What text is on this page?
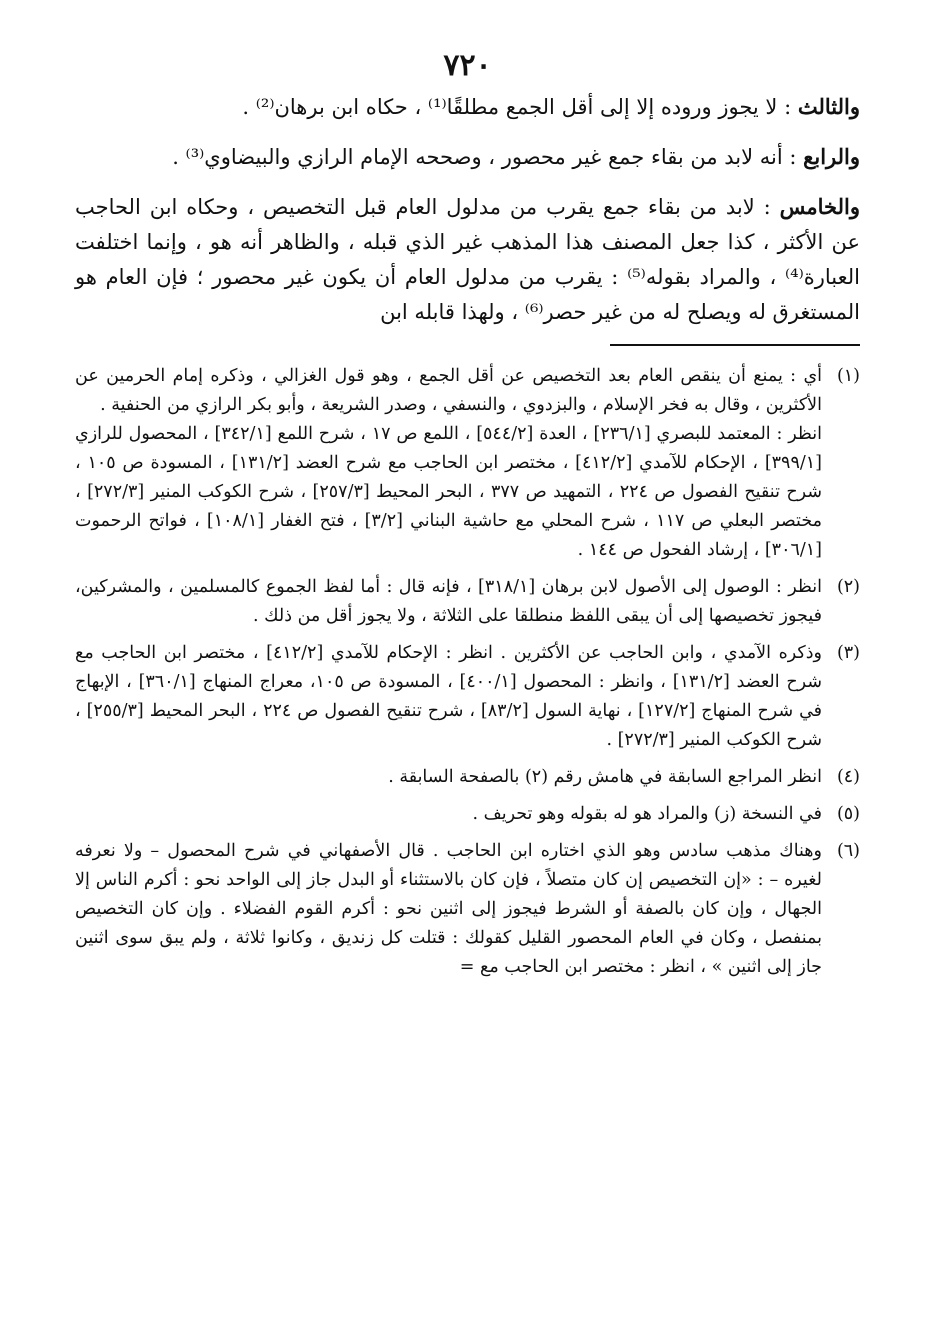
٧٢٠

والثالث : لا يجوز وروده إلا إلى أقل الجمع مطلقًا⁽¹⁾ ، حكاه ابن برهان⁽²⁾ .

والرابع : أنه لابد من بقاء جمع غير محصور ، وصححه الإمام الرازي والبيضاوي⁽³⁾ .

والخامس : لابد من بقاء جمع يقرب من مدلول العام قبل التخصيص ، وحكاه ابن الحاجب عن الأكثر ، كذا جعل المصنف هذا المذهب غير الذي قبله ، والظاهر أنه هو ، وإنما اختلفت العبارة⁽⁴⁾ ، والمراد بقوله⁽⁵⁾ : يقرب من مدلول العام أن يكون غير محصور ؛ فإن العام هو المستغرق له ويصلح له من غير حصر⁽⁶⁾ ، ولهذا قابله ابن

(١)

أي : يمنع أن ينقص العام بعد التخصيص عن أقل الجمع ، وهو قول الغزالي ، وذكره إمام الحرمين عن الأكثرين ، وقال به فخر الإسلام ، والبزدوي ، والنسفي ، وصدر الشريعة ، وأبو بكر الرازي من الحنفية .

انظر : المعتمد للبصري [٢٣٦/١] ، العدة [٥٤٤/٢] ، اللمع ص ١٧ ، شرح اللمع [٣٤٢/١] ، المحصول للرازي [٣٩٩/١] ، الإحكام للآمدي [٤١٢/٢] ، مختصر ابن الحاجب مع شرح العضد [١٣١/٢] ، المسودة ص ١٠٥ ، شرح تنقيح الفصول ص ٢٢٤ ، التمهيد ص ٣٧٧ ، البحر المحيط [٢٥٧/٣] ، شرح الكوكب المنير [٢٧٢/٣] ، مختصر البعلي ص ١١٧ ، شرح المحلي مع حاشية البناني [٣/٢] ، فتح الغفار [١٠٨/١] ، فواتح الرحموت [٣٠٦/١] ، إرشاد الفحول ص ١٤٤ .

(٢)

انظر : الوصول إلى الأصول لابن برهان [٣١٨/١] ، فإنه قال : أما لفظ الجموع كالمسلمين ، والمشركين، فيجوز تخصيصها إلى أن يبقى اللفظ منطلقا على الثلاثة ، ولا يجوز أقل من ذلك .

(٣)

وذكره الآمدي ، وابن الحاجب عن الأكثرين . انظر : الإحكام للآمدي [٤١٢/٢] ، مختصر ابن الحاجب مع شرح العضد [١٣١/٢] ، وانظر : المحصول [٤٠٠/١] ، المسودة ص ١٠٥، معراج المنهاج [٣٦٠/١] ، الإبهاج في شرح المنهاج [١٢٧/٢] ، نهاية السول [٨٣/٢] ، شرح تنقيح الفصول ص ٢٢٤ ، البحر المحيط [٢٥٥/٣] ، شرح الكوكب المنير [٢٧٢/٣] .

(٤)

انظر المراجع السابقة في هامش رقم (٢) بالصفحة السابقة .

(٥)

في النسخة (ز) والمراد هو له بقوله وهو تحريف .

(٦)

وهناك مذهب سادس وهو الذي اختاره ابن الحاجب . قال الأصفهاني في شرح المحصول – ولا نعرفه لغيره – : «إن التخصيص إن كان متصلاً ، فإن كان بالاستثناء أو البدل جاز إلى الواحد نحو : أكرم الناس إلا الجهال ، وإن كان بالصفة أو الشرط فيجوز إلى اثنين نحو : أكرم القوم الفضلاء . وإن كان التخصيص بمنفصل ، وكان في العام المحصور القليل كقولك : قتلت كل زنديق ، وكانوا ثلاثة ، ولم يبق سوى اثنين جاز إلى اثنين » ، انظر : مختصر ابن الحاجب مع =
